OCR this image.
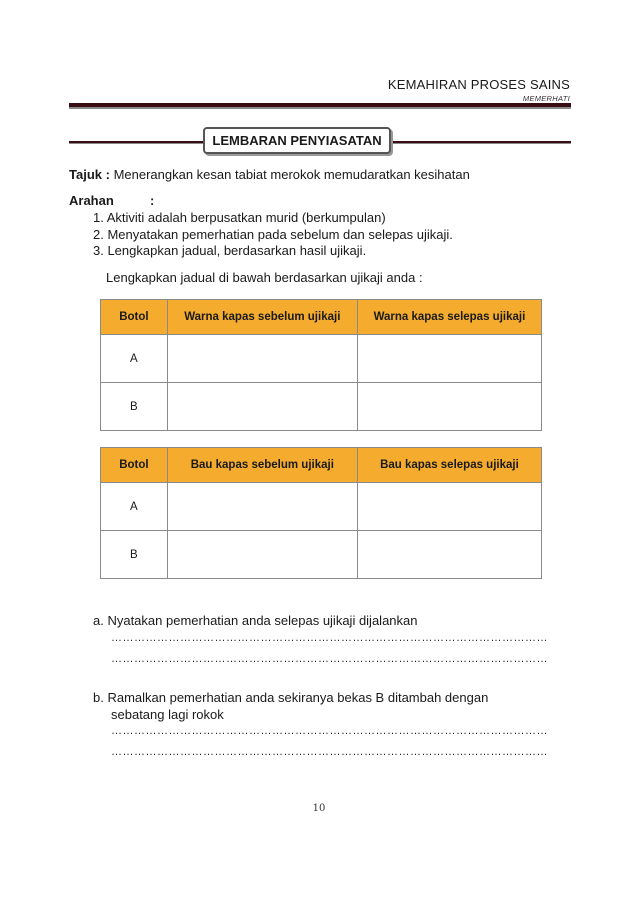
KEMAHIRAN PROSES SAINS
MEMERHATI
LEMBARAN PENYIASATAN
Tajuk : Menerangkan kesan tabiat merokok memudaratkan kesihatan
Arahan	:
1. Aktiviti adalah berpusatkan murid (berkumpulan)
2. Menyatakan pemerhatian pada sebelum dan selepas ujikaji.
3. Lengkapkan jadual, berdasarkan hasil ujikaji.
Lengkapkan jadual di bawah berdasarkan ujikaji anda :
Botol	Warna kapas sebelum ujikaji	Warna kapas selepas ujikaji
A		
B		
Botol	Bau kapas sebelum ujikaji	Bau kapas selepas ujikaji
A		
B		
a. Nyatakan pemerhatian anda selepas ujikaji dijalankan
……………………………………………………………………………………………………
……………………………………………………………………………………………………
b. Ramalkan pemerhatian anda sekiranya bekas B ditambah dengan
sebatang lagi rokok
……………………………………………………………………………………………………
……………………………………………………………………………………………………
10
